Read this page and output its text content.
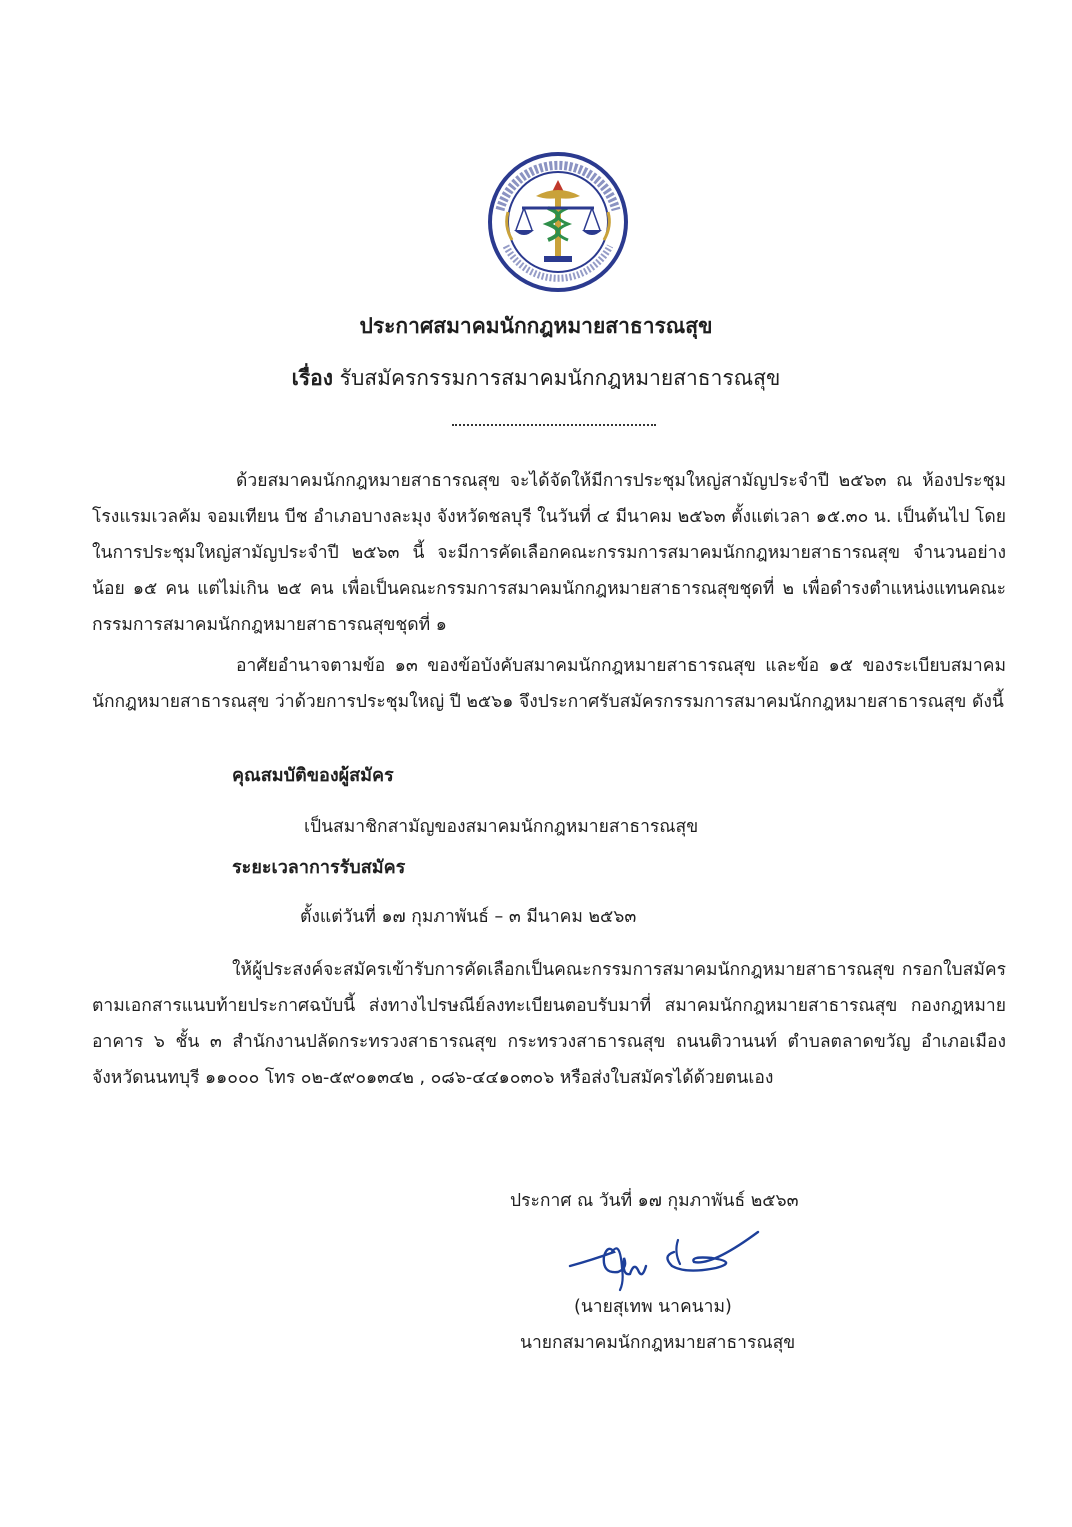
ประกาศสมาคมนักกฎหมายสาธารณสุข
เรื่อง รับสมัครกรรมการสมาคมนักกฎหมายสาธารณสุข
ด้วยสมาคมนักกฎหมายสาธารณสุข จะได้จัดให้มีการประชุมใหญ่สามัญประจำปี ๒๕๖๓ ณ ห้องประชุม โรงแรมเวลคัม จอมเทียน บีช อำเภอบางละมุง จังหวัดชลบุรี ในวันที่ ๔ มีนาคม ๒๕๖๓ ตั้งแต่เวลา ๑๕.๓๐ น. เป็นต้นไป โดยในการประชุมใหญ่สามัญประจำปี ๒๕๖๓ นี้ จะมีการคัดเลือกคณะกรรมการสมาคมนักกฎหมายสาธารณสุข จำนวนอย่างน้อย ๑๕ คน แต่ไม่เกิน ๒๕ คน เพื่อเป็นคณะกรรมการสมาคมนักกฎหมายสาธารณสุขชุดที่ ๒ เพื่อดำรงตำแหน่งแทนคณะกรรมการสมาคมนักกฎหมายสาธารณสุขชุดที่ ๑
อาศัยอำนาจตามข้อ ๑๓ ของข้อบังคับสมาคมนักกฎหมายสาธารณสุข และข้อ ๑๕ ของระเบียบสมาคมนักกฎหมายสาธารณสุข ว่าด้วยการประชุมใหญ่ ปี ๒๕๖๑ จึงประกาศรับสมัครกรรมการสมาคมนักกฎหมายสาธารณสุข ดังนี้
คุณสมบัติของผู้สมัคร
เป็นสมาชิกสามัญของสมาคมนักกฎหมายสาธารณสุข
ระยะเวลาการรับสมัคร
ตั้งแต่วันที่ ๑๗ กุมภาพันธ์ – ๓ มีนาคม ๒๕๖๓
ให้ผู้ประสงค์จะสมัครเข้ารับการคัดเลือกเป็นคณะกรรมการสมาคมนักกฎหมายสาธารณสุข กรอกใบสมัครตามเอกสารแนบท้ายประกาศฉบับนี้ ส่งทางไปรษณีย์ลงทะเบียนตอบรับมาที่ สมาคมนักกฎหมายสาธารณสุข กองกฎหมาย อาคาร ๖ ชั้น ๓ สำนักงานปลัดกระทรวงสาธารณสุข กระทรวงสาธารณสุข ถนนติวานนท์ ตำบลตลาดขวัญ อำเภอเมือง จังหวัดนนทบุรี ๑๑๐๐๐ โทร ๐๒-๕๙๐๑๓๔๒ , ๐๘๖-๔๔๑๐๓๐๖ หรือส่งใบสมัครได้ด้วยตนเอง
ประกาศ ณ วันที่ ๑๗ กุมภาพันธ์ ๒๕๖๓
(นายสุเทพ นาคนาม)
นายกสมาคมนักกฎหมายสาธารณสุข
